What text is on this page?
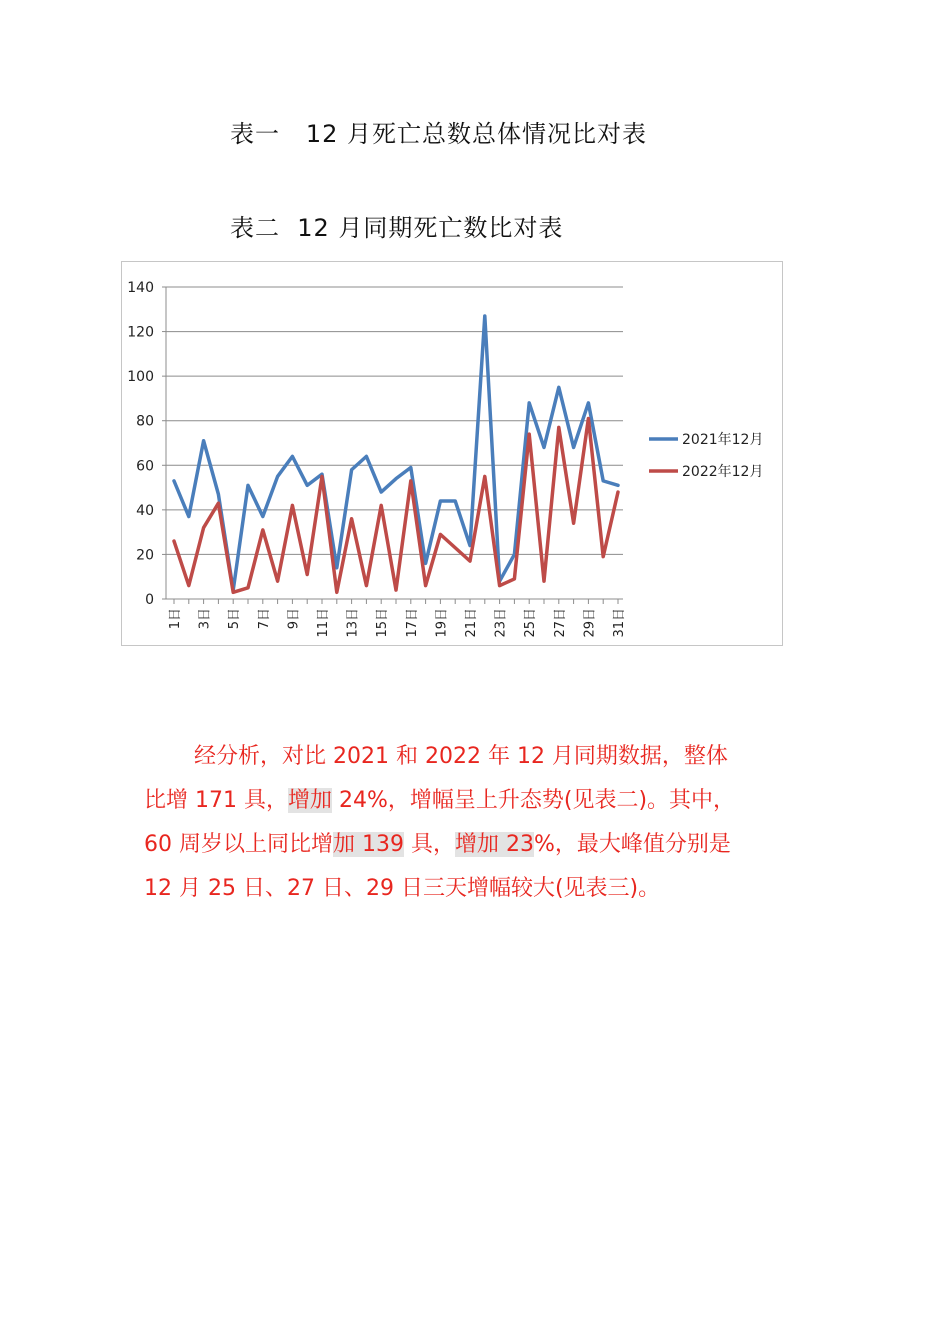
表一   12 月死亡总数总体情况比对表
表二  12 月同期死亡数比对表
0
20
40
60
80
100
120
140
1日 3日 5日 7日 9日 11日 13日 15日 17日 19日 21日 23日 25日 27日 29日 31日
2021年12月
2022年12月

经分析，对比 2021 和 2022 年 12 月同期数据，整体

比增 171 具，增加 24%，增幅呈上升态势(见表二)。其中，

60 周岁以上同比增加 139 具，增加 23%，最大峰值分别是

12 月 25 日、27 日、29 日三天增幅较大(见表三)。
